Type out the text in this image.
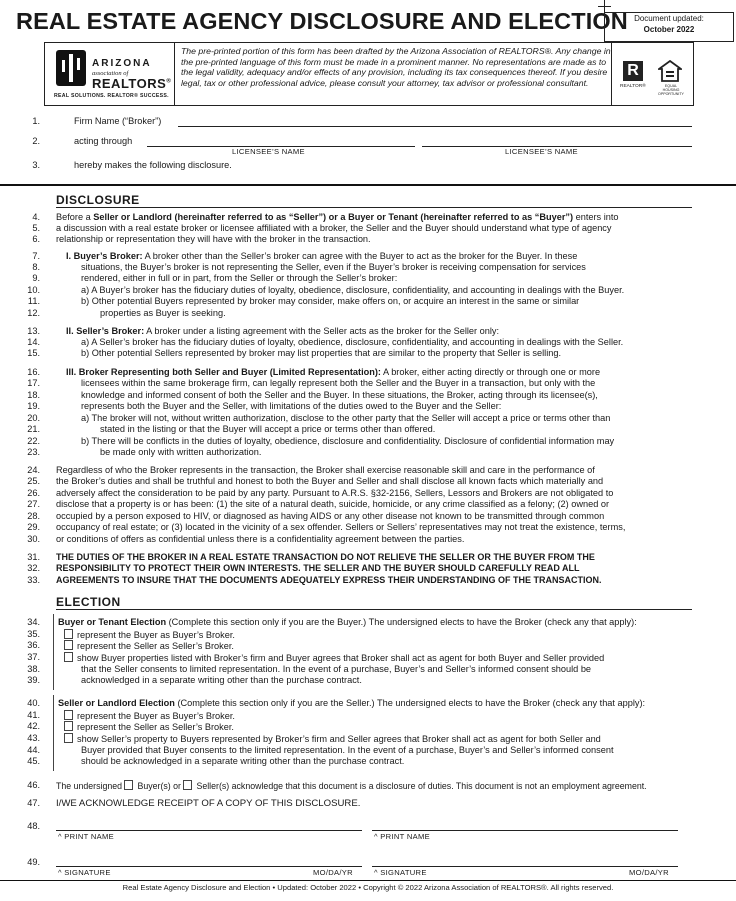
REAL ESTATE AGENCY DISCLOSURE AND ELECTION Document updated:
October 2022
ARIZONA
association of
REALTORS®
REAL SOLUTIONS. REALTOR® SUCCESS.
The pre-printed portion of this form has been drafted by the Arizona Association of REALTORS®. Any change in the pre-printed language of this form must be made in a prominent manner. No representations are made as to the legal validity, adequacy and/or effects of any provision, including its tax consequences thereof. If you desire legal, tax or other professional advice, please consult your attorney, tax advisor or professional consultant.
R
REALTOR®	EQUAL HOUSING OPPORTUNITY
1.	Firm Name (“Broker”)
2.	acting through
LICENSEE’S NAME	LICENSEE’S NAME
3.	hereby makes the following disclosure.
DISCLOSURE
4. Before a Seller or Landlord (hereinafter referred to as “Seller”) or a Buyer or Tenant (hereinafter referred to as “Buyer”) enters into
5. a discussion with a real estate broker or licensee affiliated with a broker, the Seller and the Buyer should understand what type of agency
6. relationship or representation they will have with the broker in the transaction.
7.	I. Buyer’s Broker: A broker other than the Seller’s broker can agree with the Buyer to act as the broker for the Buyer. In these
8.	situations, the Buyer’s broker is not representing the Seller, even if the Buyer’s broker is receiving compensation for services
9.	rendered, either in full or in part, from the Seller or through the Seller’s broker:
10.	a) A Buyer’s broker has the fiduciary duties of loyalty, obedience, disclosure, confidentiality, and accounting in dealings with the Buyer.
11.	b) Other potential Buyers represented by broker may consider, make offers on, or acquire an interest in the same or similar
12.	properties as Buyer is seeking.
13.	II. Seller’s Broker: A broker under a listing agreement with the Seller acts as the broker for the Seller only:
14.	a) A Seller’s broker has the fiduciary duties of loyalty, obedience, disclosure, confidentiality, and accounting in dealings with the Seller.
15.	b) Other potential Sellers represented by broker may list properties that are similar to the property that Seller is selling.
16.	III. Broker Representing both Seller and Buyer (Limited Representation): A broker, either acting directly or through one or more
17.	licensees within the same brokerage firm, can legally represent both the Seller and the Buyer in a transaction, but only with the
18.	knowledge and informed consent of both the Seller and the Buyer. In these situations, the Broker, acting through its licensee(s),
19.	represents both the Buyer and the Seller, with limitations of the duties owed to the Buyer and the Seller:
20.	a) The broker will not, without written authorization, disclose to the other party that the Seller will accept a price or terms other than
21.	stated in the listing or that the Buyer will accept a price or terms other than offered.
22.	b) There will be conflicts in the duties of loyalty, obedience, disclosure and confidentiality. Disclosure of confidential information may
23.	be made only with written authorization.
24. Regardless of who the Broker represents in the transaction, the Broker shall exercise reasonable skill and care in the performance of
25. the Broker’s duties and shall be truthful and honest to both the Buyer and Seller and shall disclose all known facts which materially and
26. adversely affect the consideration to be paid by any party. Pursuant to A.R.S. §32-2156, Sellers, Lessors and Brokers are not obligated to
27. disclose that a property is or has been: (1) the site of a natural death, suicide, homicide, or any crime classified as a felony; (2) owned or
28. occupied by a person exposed to HIV, or diagnosed as having AIDS or any other disease not known to be transmitted through common
29. occupancy of real estate; or (3) located in the vicinity of a sex offender. Sellers or Sellers’ representatives may not treat the existence, terms,
30. or conditions of offers as confidential unless there is a confidentiality agreement between the parties.
31. THE DUTIES OF THE BROKER IN A REAL ESTATE TRANSACTION DO NOT RELIEVE THE SELLER OR THE BUYER FROM THE
32. RESPONSIBILITY TO PROTECT THEIR OWN INTERESTS. THE SELLER AND THE BUYER SHOULD CAREFULLY READ ALL
33. AGREEMENTS TO INSURE THAT THE DOCUMENTS ADEQUATELY EXPRESS THEIR UNDERSTANDING OF THE TRANSACTION.
ELECTION
34. Buyer or Tenant Election (Complete this section only if you are the Buyer.) The undersigned elects to have the Broker (check any that apply):
35.	represent the Buyer as Buyer’s Broker.
36.	represent the Seller as Seller’s Broker.
37.	show Buyer properties listed with Broker’s firm and Buyer agrees that Broker shall act as agent for both Buyer and Seller provided
38.	that the Seller consents to limited representation. In the event of a purchase, Buyer’s and Seller’s informed consent should be
39.	acknowledged in a separate writing other than the purchase contract.
40. Seller or Landlord Election (Complete this section only if you are the Seller.) The undersigned elects to have the Broker (check any that apply):
41.	represent the Buyer as Buyer’s Broker.
42.	represent the Seller as Seller’s Broker.
43.	show Seller’s property to Buyers represented by Broker’s firm and Seller agrees that Broker shall act as agent for both Seller and
44.	Buyer provided that Buyer consents to the limited representation. In the event of a purchase, Buyer’s and Seller’s informed consent
45.	should be acknowledged in a separate writing other than the purchase contract.
46. The undersigned Buyer(s) or Seller(s) acknowledge that this document is a disclosure of duties. This document is not an employment agreement.
47. I/WE ACKNOWLEDGE RECEIPT OF A COPY OF THIS DISCLOSURE.
48.
^ PRINT NAME	^ PRINT NAME
49.
^ SIGNATURE	MO/DA/YR	^ SIGNATURE	MO/DA/YR
Real Estate Agency Disclosure and Election • Updated: October 2022 • Copyright © 2022 Arizona Association of REALTORS®. All rights reserved.
